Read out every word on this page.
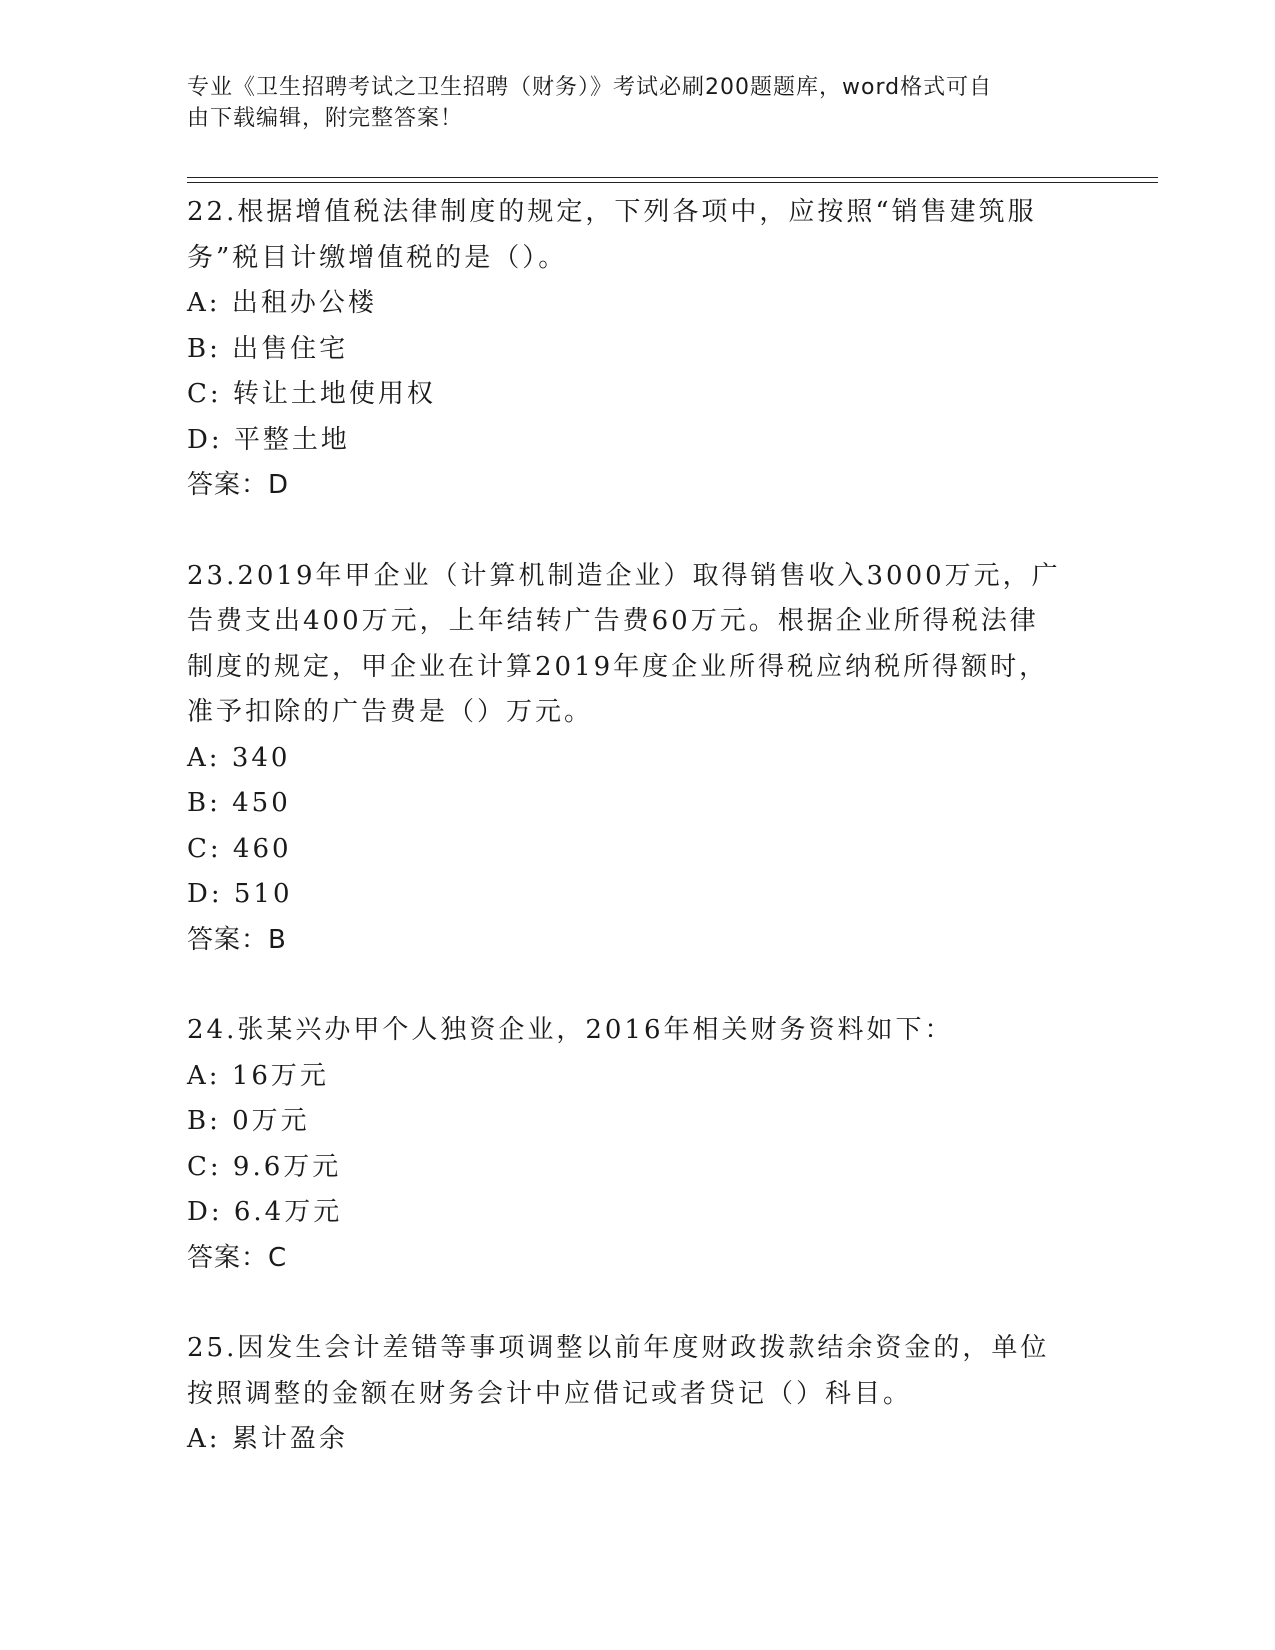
专业《卫生招聘考试之卫生招聘（财务）》考试必刷200题题库，word格式可自
由下载编辑，附完整答案！
22.根据增值税法律制度的规定，下列各项中，应按照“销售建筑服务”税目计缴增值税的是（）。
A: 出租办公楼
B: 出售住宅
C: 转让土地使用权
D: 平整土地
答案：D
23.2019年甲企业（计算机制造企业）取得销售收入3000万元，广告费支出400万元，上年结转广告费60万元。根据企业所得税法律制度的规定，甲企业在计算2019年度企业所得税应纳税所得额时，准予扣除的广告费是（）万元。
A: 340
B: 450
C: 460
D: 510
答案：B
24.张某兴办甲个人独资企业，2016年相关财务资料如下：
A: 16万元
B: 0万元
C: 9.6万元
D: 6.4万元
答案：C
25.因发生会计差错等事项调整以前年度财政拨款结余资金的，单位按照调整的金额在财务会计中应借记或者贷记（）科目。
A: 累计盈余
